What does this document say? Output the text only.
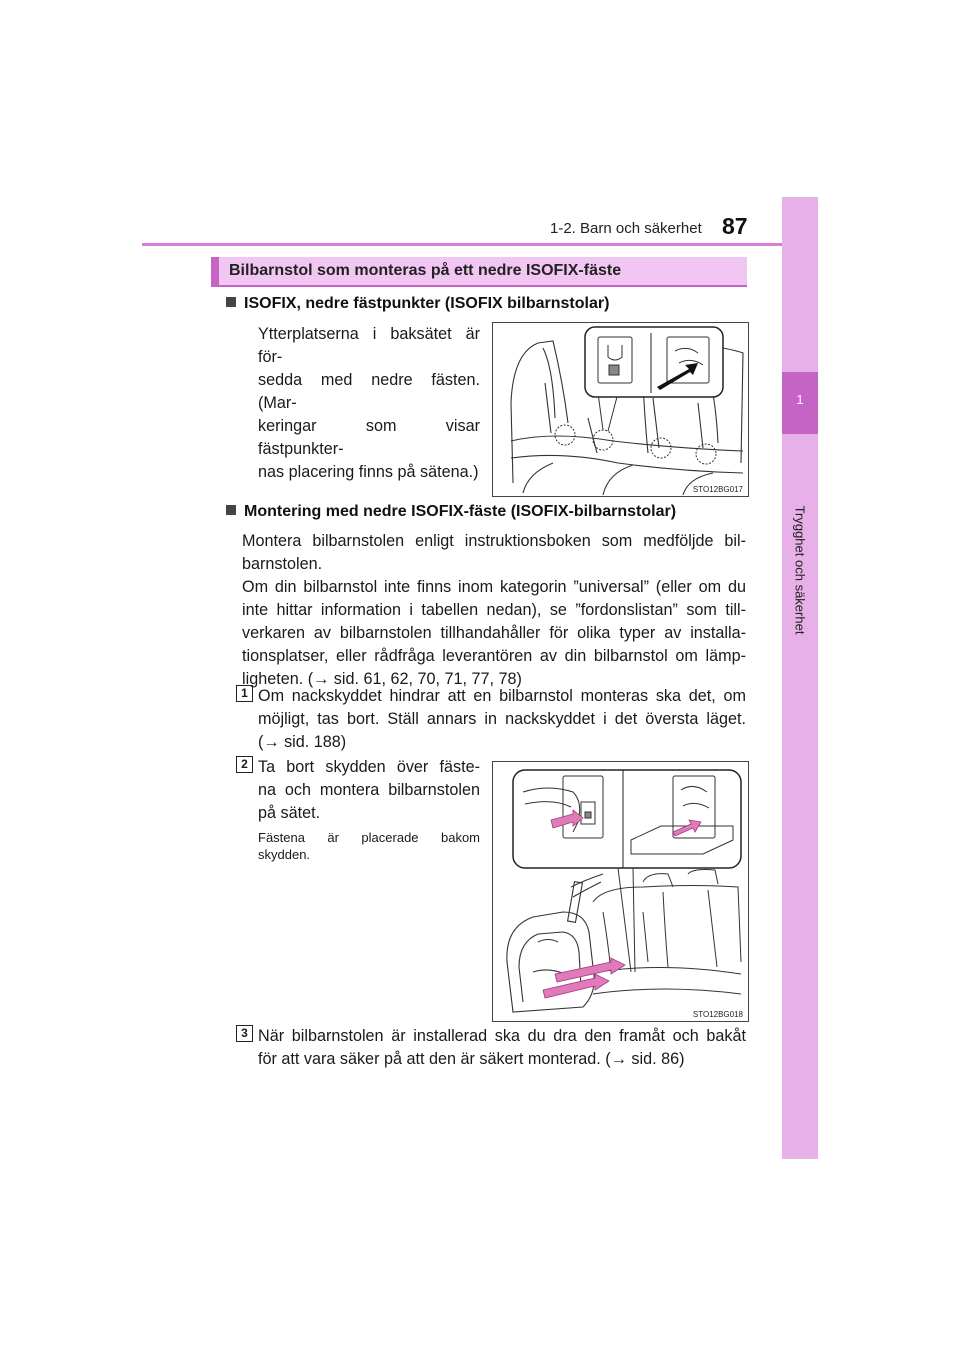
1-2. Barn och säkerhet 87
1
Trygghet och säkerhet
Bilbarnstol som monteras på ett nedre ISOFIX-fäste
ISOFIX, nedre fästpunkter (ISOFIX bilbarnstolar)
Ytterplatserna i baksätet är för-
sedda med nedre fästen. (Mar-
keringar som visar fästpunkter-
nas placering finns på sätena.)
STO12BG017
Montering med nedre ISOFIX-fäste (ISOFIX-bilbarnstolar)
Montera bilbarnstolen enligt instruktionsboken som medföljde bil-
barnstolen.
Om din bilbarnstol inte finns inom kategorin ”universal” (eller om du
inte hittar information i tabellen nedan), se ”fordonslistan” som till-
verkaren av bilbarnstolen tillhandahåller för olika typer av installa-
tionsplatser, eller rådfråga leverantören av din bilbarnstol om lämp-
ligheten. (→ sid. 61, 62, 70, 71, 77, 78)
1 Om nackskyddet hindrar att en bilbarnstol monteras ska det, om
möjligt, tas bort. Ställ annars in nackskyddet i det översta läget.
(→ sid. 188)
2 Ta bort skydden över fäste-
na och montera bilbarnstolen
på sätet.
Fästena är placerade bakom
skydden.
STO12BG018
3 När bilbarnstolen är installerad ska du dra den framåt och bakåt
för att vara säker på att den är säkert monterad. (→ sid. 86)
